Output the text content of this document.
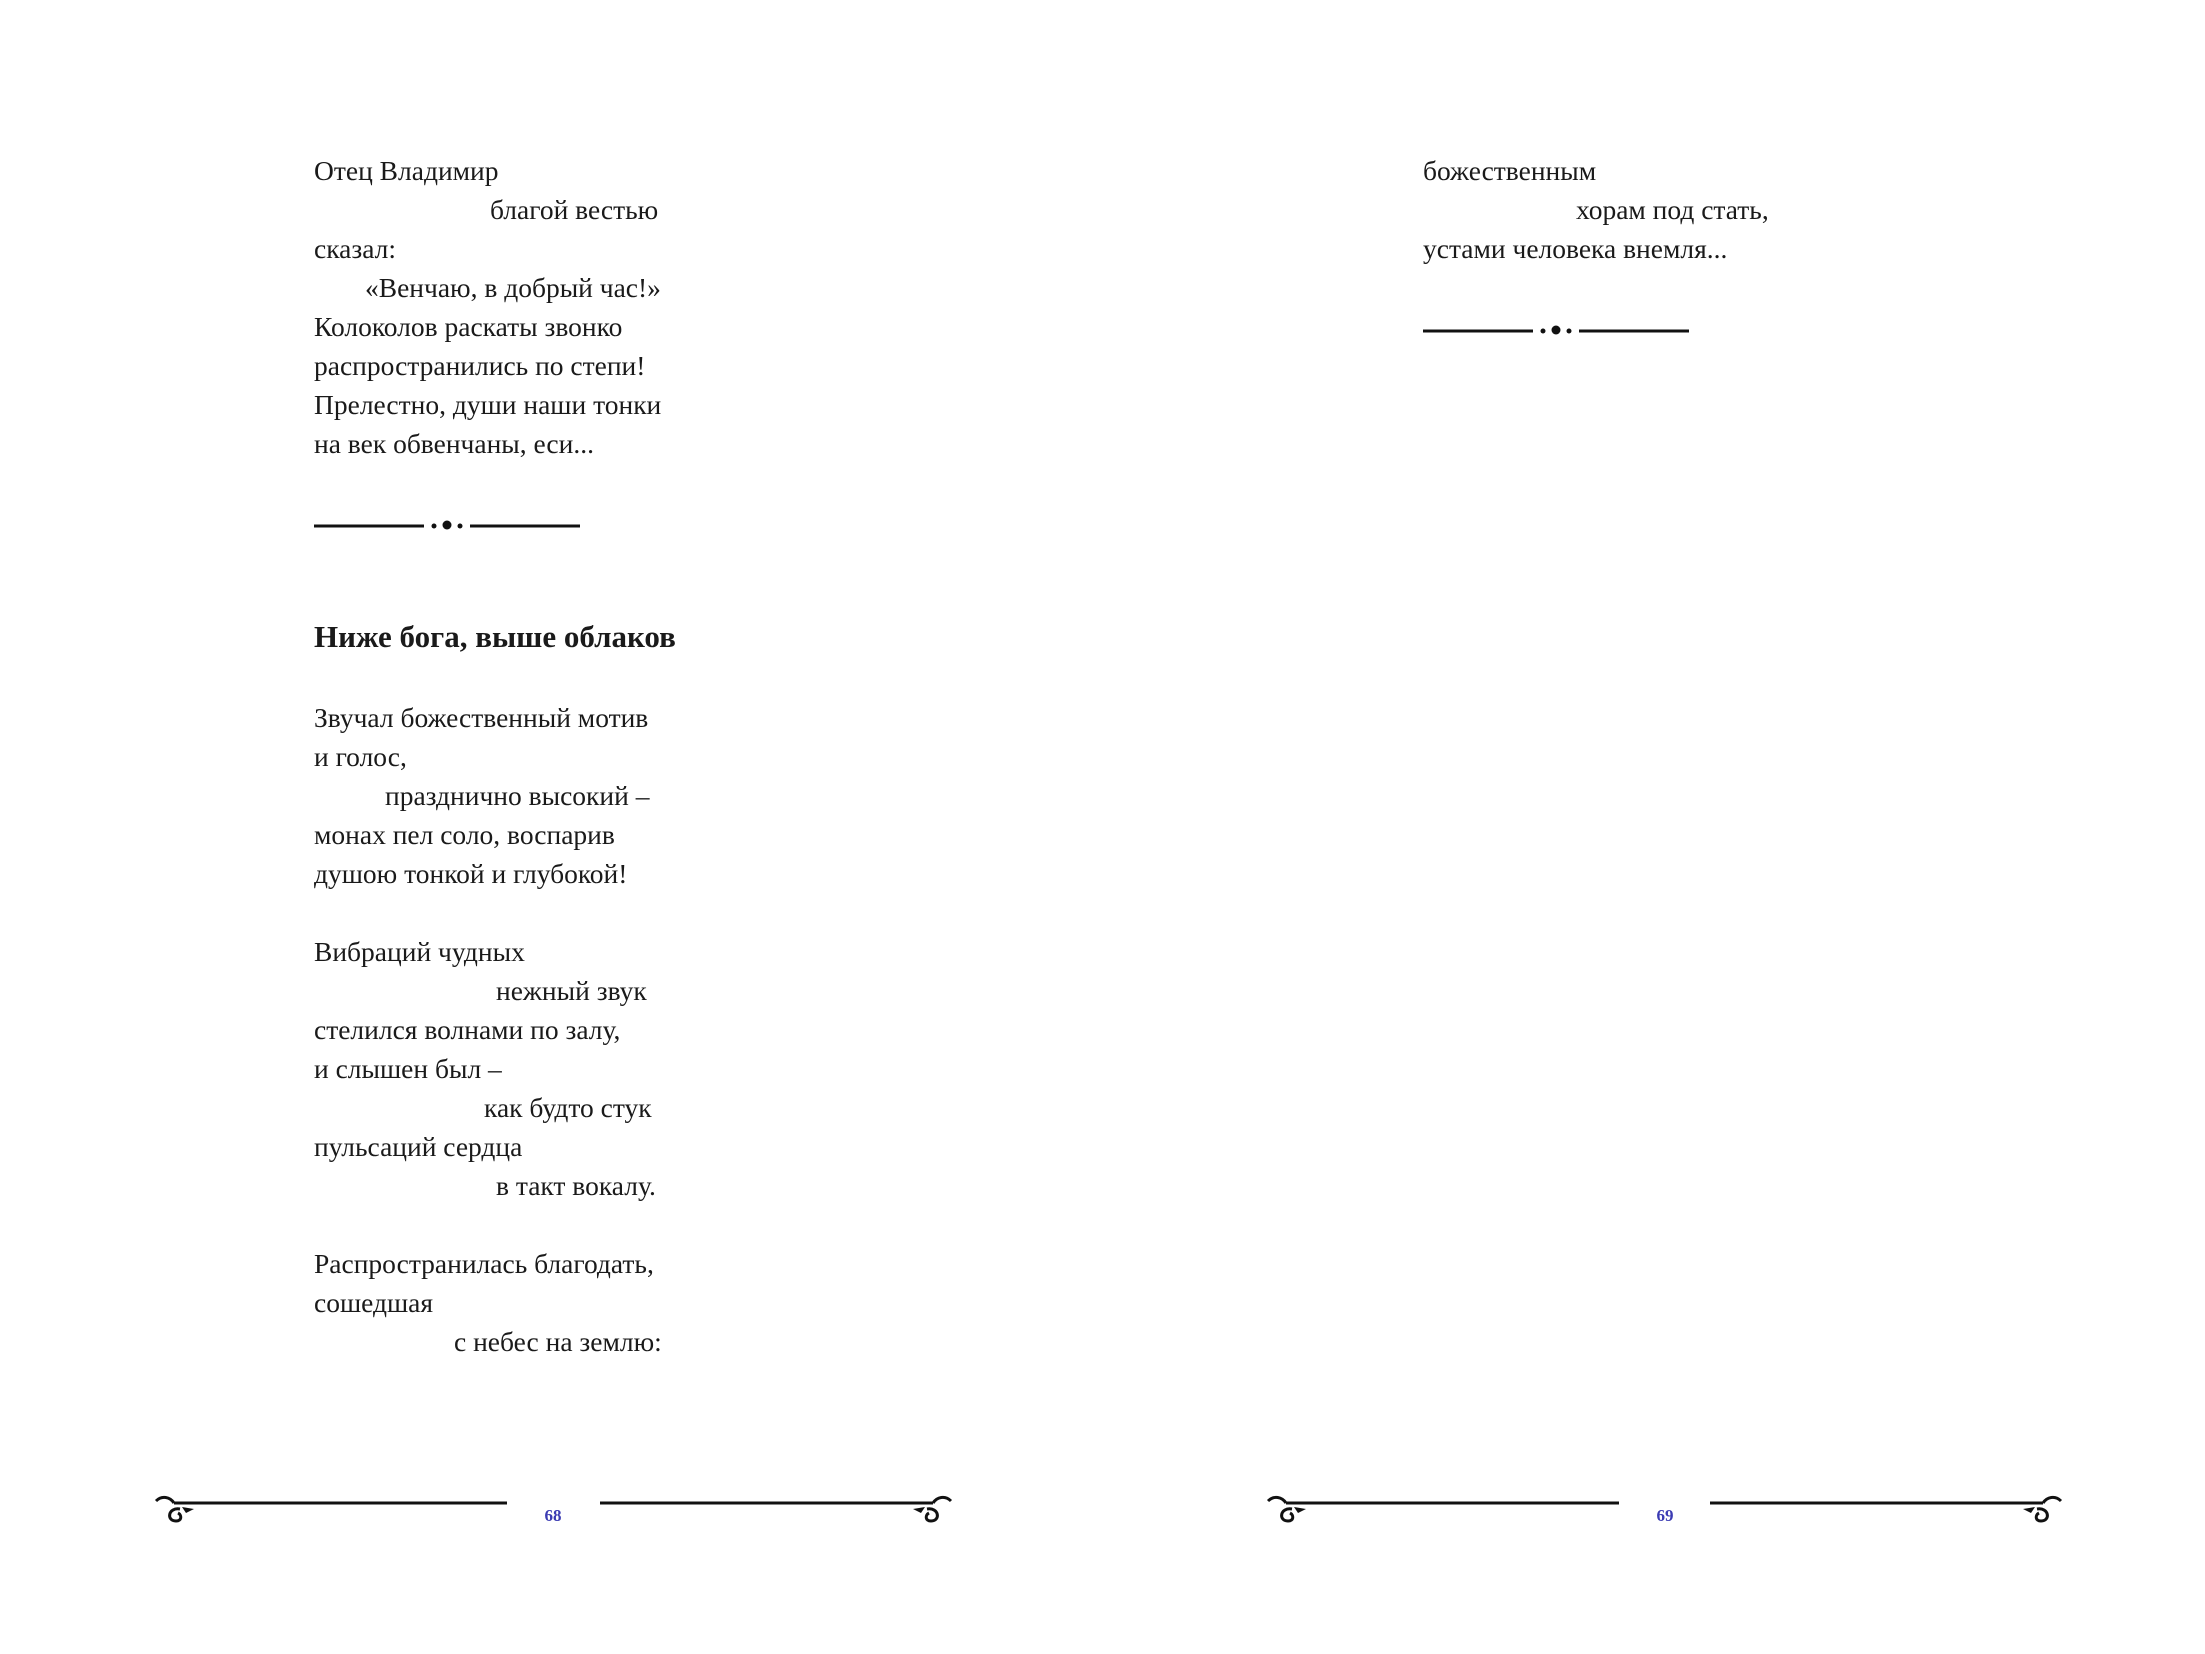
Отец Владимир
благой вестью
сказал:
«Венчаю, в добрый час!»
Колоколов раскаты звонко
распространились по степи!
Прелестно, души наши тонки
на век обвенчаны, еси...
Ниже бога, выше облаков
Звучал божественный мотив
и голос,
празднично высокий –
монах пел соло, воспарив
душою тонкой и глубокой!
Вибраций чудных
нежный звук
стелился волнами по залу,
и слышен был –
как будто стук
пульсаций сердца
в такт вокалу.
Распространилась благодать,
сошедшая
с небес на землю:
68
божественным
хорам под стать,
устами человека внемля...
69
